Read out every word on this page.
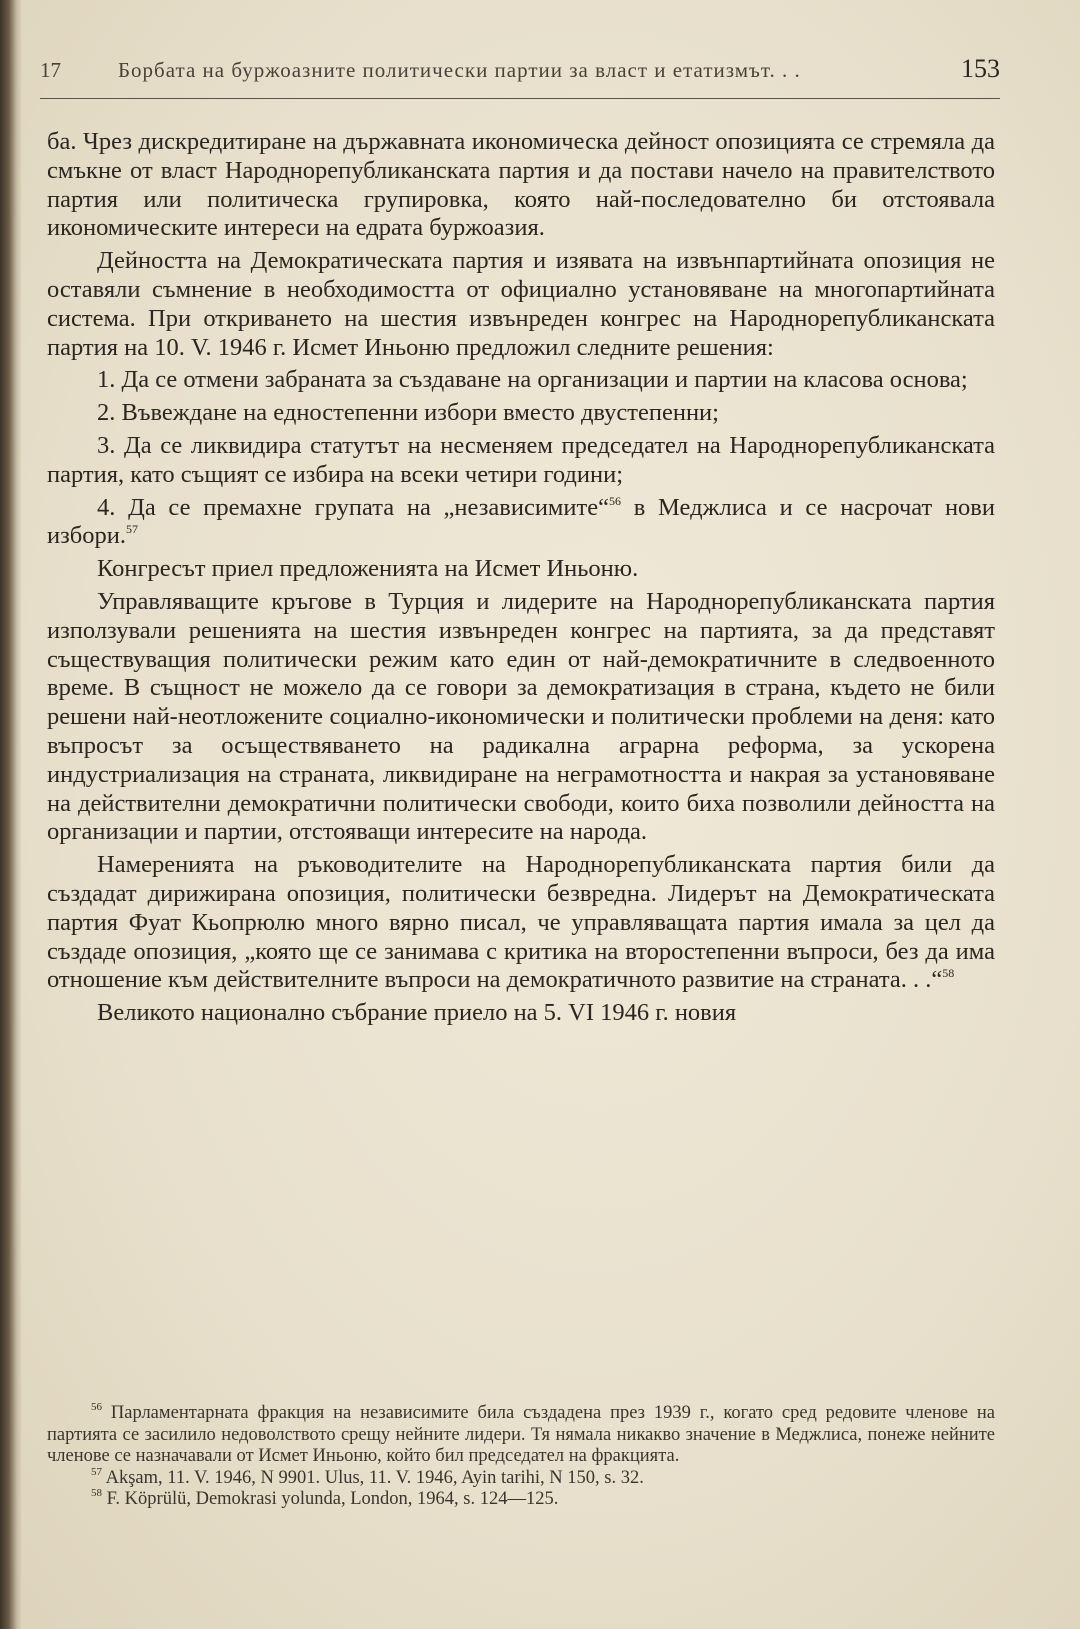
17	Борбата на буржоазните политически партии за власт и етатизмът. . .	153

ба. Чрез дискредитиране на държавната икономическа дейност опозицията се стремяла да смъкне от власт Народнорепубликанската партия и да постави начело на правителството партия или политическа групировка, която най-последователно би отстоявала икономическите интереси на едрата буржоазия.

Дейността на Демократическата партия и изявата на извънпартийната опозиция не оставяли съмнение в необходимостта от официално установяване на многопартийната система. При откриването на шестия извънреден конгрес на Народнорепубликанската партия на 10. V. 1946 г. Исмет Иньоню предложил следните решения:

1. Да се отмени забраната за създаване на организации и партии на класова основа;

2. Въвеждане на едностепенни избори вместо двустепенни;

3. Да се ликвидира статутът на несменяем председател на Народнорепубликанската партия, като същият се избира на всеки четири години;

4. Да се премахне групата на „независимите“$^{56}$ в Меджлиса и се насрочат нови избори.$^{57}$

Конгресът приел предложенията на Исмет Иньоню.

Управляващите кръгове в Турция и лидерите на Народнорепубликанската партия използували решенията на шестия извънреден конгрес на партията, за да представят съществуващия политически режим като един от най-демократичните в следвоенното време. В същност не можело да се говори за демократизация в страна, където не били решени най-неотложените социално-икономически и политически проблеми на деня: като въпросът за осъществяването на радикална аграрна реформа, за ускорена индустриализация на страната, ликвидиране на неграмотността и накрая за установяване на действителни демократични политически свободи, които биха позволили дейността на организации и партии, отстояващи интересите на народа.

Намеренията на ръководителите на Народнорепубликанската партия били да създадат дирижирана опозиция, политически безвредна. Лидерът на Демократическата партия Фуат Кьопрюлю много вярно писал, че управляващата партия имала за цел да създаде опозиция, „която ще се занимава с критика на второстепенни въпроси, без да има отношение към действителните въпроси на демократичното развитие на страната. . .“$^{58}$

Великото национално събрание приело на 5. VI 1946 г. новия

$^{56}$ Парламентарната фракция на независимите била създадена през 1939 г., когато сред редовите членове на партията се засилило недоволството срещу нейните лидери. Тя нямала никакво значение в Меджлиса, понеже нейните членове се назначавали от Исмет Иньоню, който бил председател на фракцията.

$^{57}$ Akşam, 11. V. 1946, N 9901. Ulus, 11. V. 1946, Ayin tarihi, N 150, s. 32.

$^{58}$ F. Köprülü, Demokrasi yolunda, London, 1964, s. 124—125.
